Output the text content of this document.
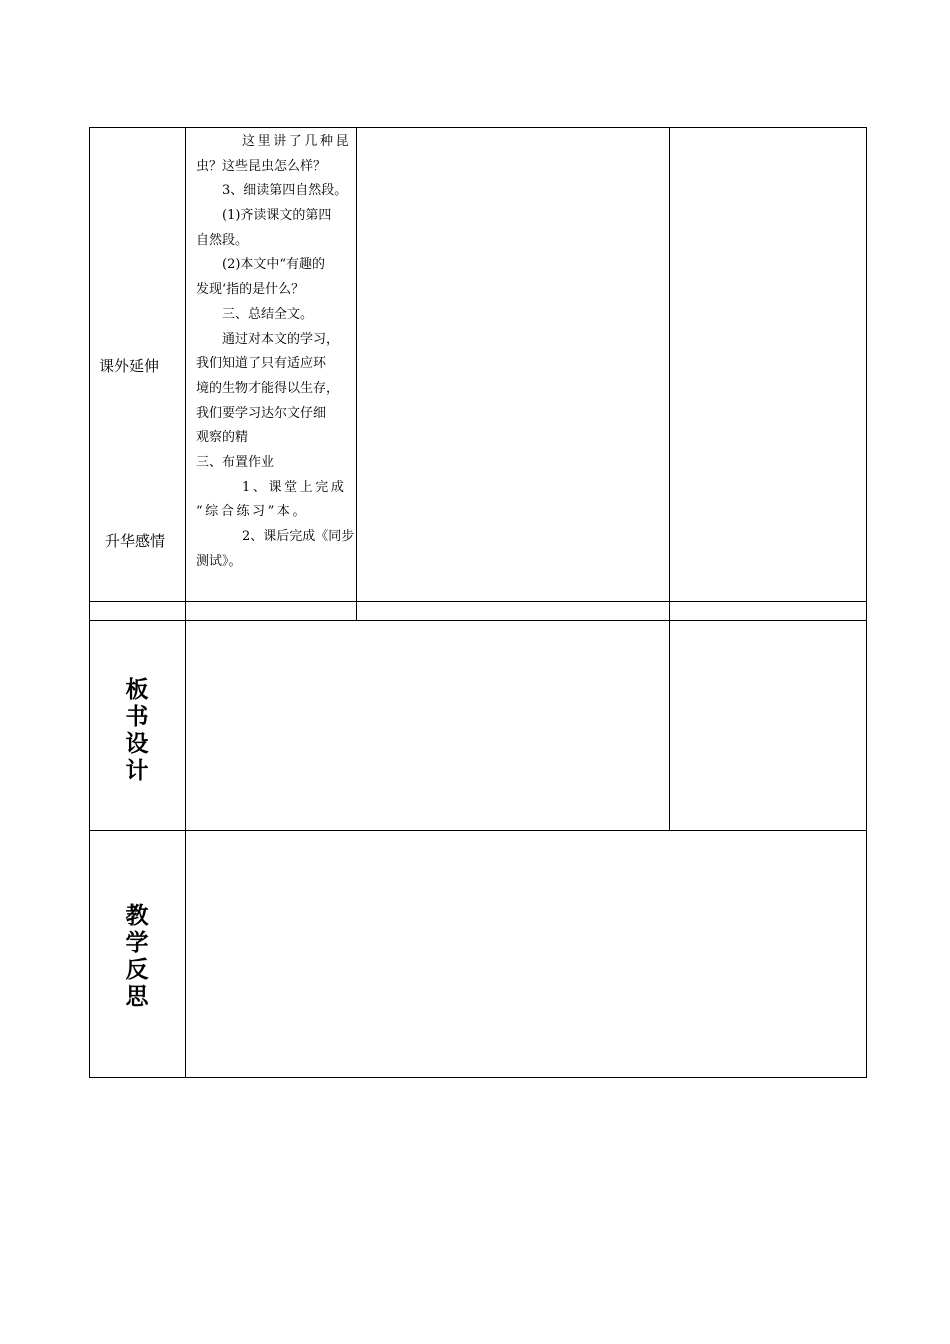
课外延伸
升华感情
这里讲了几种昆
虫？这些昆虫怎么样？
3、细读第四自然段。
(1)齐读课文的第四
自然段。
(2)本文中“有趣的
发现‘指的是什么？
三、总结全文。
通过对本文的学习，
我们知道了只有适应环
境的生物才能得以生存，
我们要学习达尔文仔细
观察的精
三、布置作业
1、课堂上完成
“综合练习”本。
2、课后完成《同步
测试》。
板
书
设
计
教
学
反
思
